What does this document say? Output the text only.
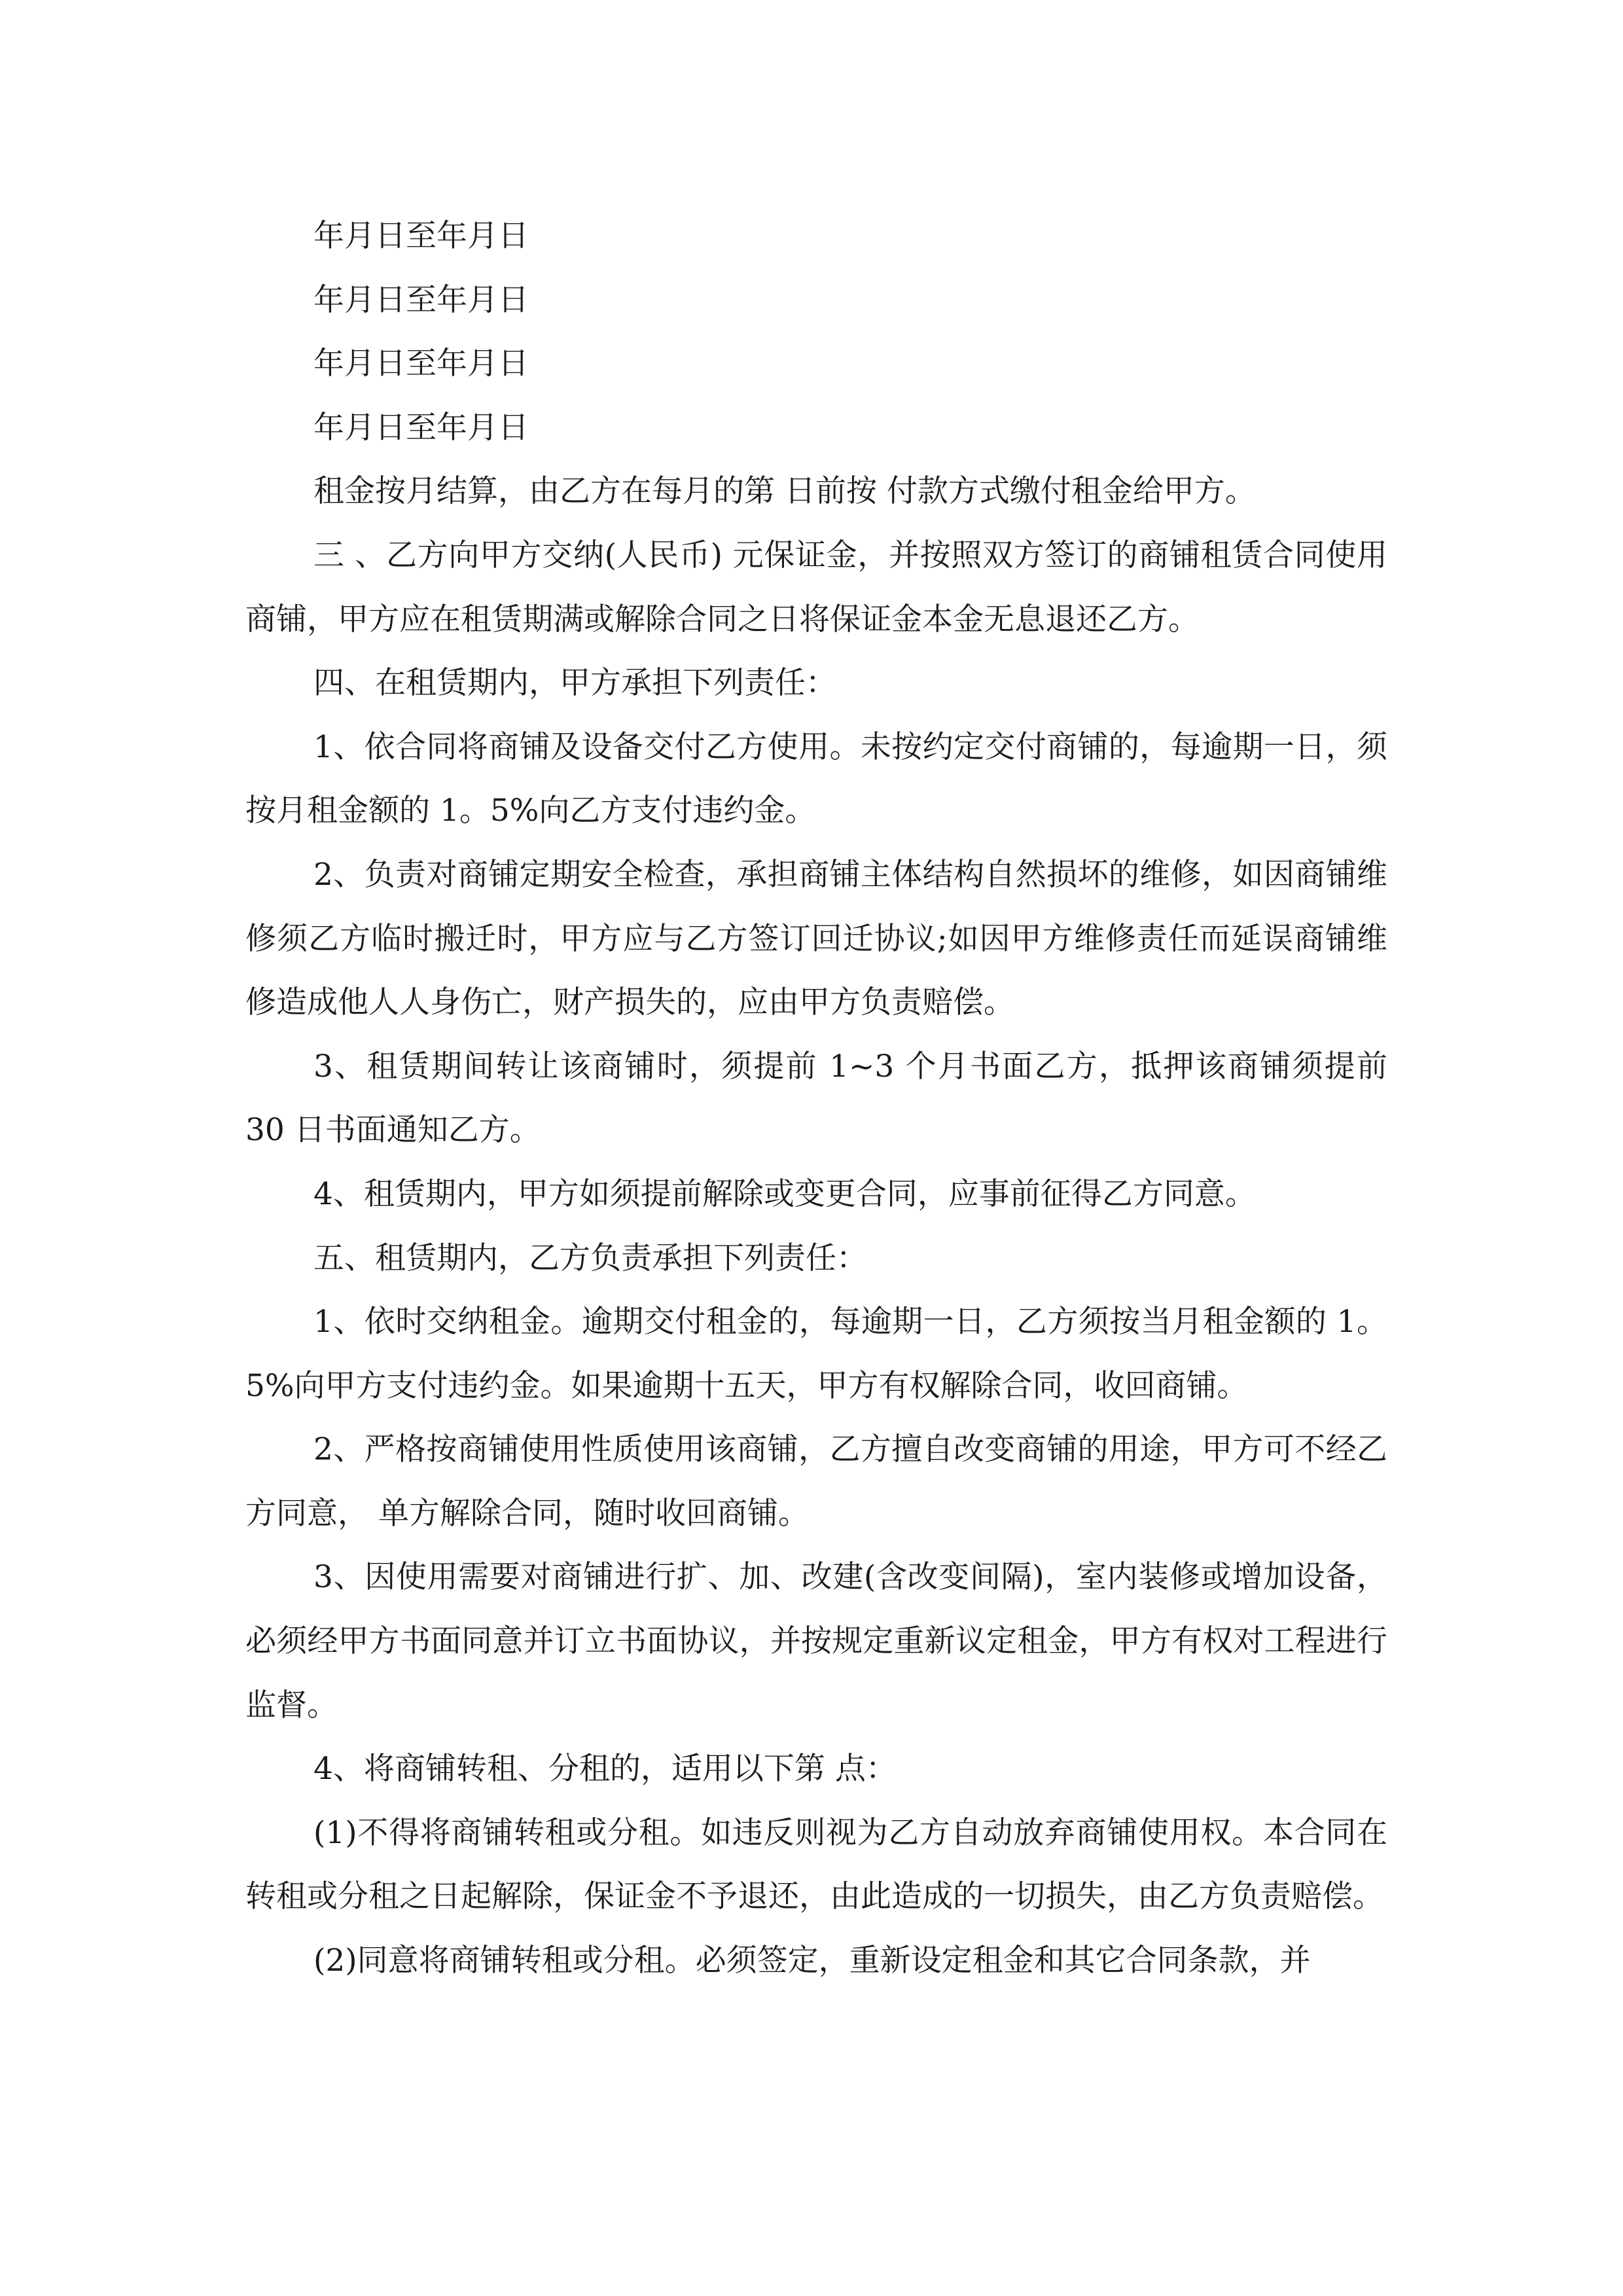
年月日至年月日

年月日至年月日

年月日至年月日

年月日至年月日

租金按月结算，由乙方在每月的第 日前按 付款方式缴付租金给甲方。

三 、乙方向甲方交纳(人民币) 元保证金，并按照双方签订的商铺租赁合同使用商铺，甲方应在租赁期满或解除合同之日将保证金本金无息退还乙方。

四、在租赁期内，甲方承担下列责任：

1、依合同将商铺及设备交付乙方使用。未按约定交付商铺的，每逾期一日，须按月租金额的 1。5%向乙方支付违约金。

2、负责对商铺定期安全检查，承担商铺主体结构自然损坏的维修，如因商铺维修须乙方临时搬迁时，甲方应与乙方签订回迁协议;如因甲方维修责任而延误商铺维修造成他人人身伤亡，财产损失的，应由甲方负责赔偿。

3、租赁期间转让该商铺时，须提前 1~3 个月书面乙方，抵押该商铺须提前 30 日书面通知乙方。

4、租赁期内，甲方如须提前解除或变更合同，应事前征得乙方同意。

五、租赁期内，乙方负责承担下列责任：

1、依时交纳租金。逾期交付租金的，每逾期一日，乙方须按当月租金额的 1。5%向甲方支付违约金。如果逾期十五天，甲方有权解除合同，收回商铺。

2、严格按商铺使用性质使用该商铺，乙方擅自改变商铺的用途，甲方可不经乙方同意， 单方解除合同，随时收回商铺。

3、因使用需要对商铺进行扩、加、改建(含改变间隔)，室内装修或增加设备，必须经甲方书面同意并订立书面协议，并按规定重新议定租金，甲方有权对工程进行监督。

4、将商铺转租、分租的，适用以下第 点：

(1)不得将商铺转租或分租。如违反则视为乙方自动放弃商铺使用权。本合同在转租或分租之日起解除，保证金不予退还，由此造成的一切损失，由乙方负责赔偿。

(2)同意将商铺转租或分租。必须签定，重新设定租金和其它合同条款，并
